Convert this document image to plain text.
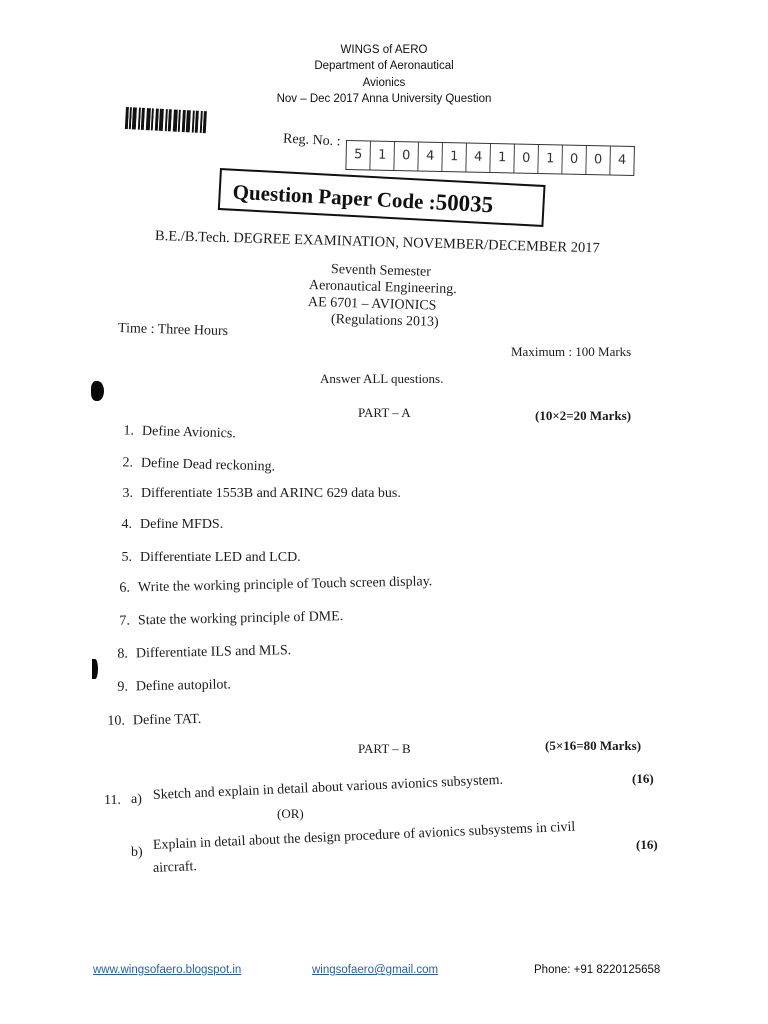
WINGS of AERO
Department of Aeronautical
Avionics
Nov – Dec 2017 Anna University Question
Reg. No. :
5	1	0	4	1	4	1	0	1	0	0	4
Question Paper Code :50035
B.E./B.Tech. DEGREE EXAMINATION, NOVEMBER/DECEMBER 2017
Seventh Semester
Aeronautical Engineering.
AE 6701 – AVIONICS
(Regulations 2013)
Time : Three Hours
Maximum : 100 Marks
Answer ALL questions.
PART – A	(10×2=20 Marks)
1. Define Avionics.
2. Define Dead reckoning.
3. Differentiate 1553B and ARINC 629 data bus.
4. Define MFDS.
5. Differentiate LED and LCD.
6. Write the working principle of Touch screen display.
7. State the working principle of DME.
8. Differentiate ILS and MLS.
9. Define autopilot.
10. Define TAT.
PART – B	(5×16=80 Marks)
11. a) Sketch and explain in detail about various avionics subsystem.	(16)
(OR)
b) Explain in detail about the design procedure of avionics subsystems in civil
aircraft.
(16)
www.wingsofaero.blogspot.in	wingsofaero@gmail.com	Phone: +91 8220125658
